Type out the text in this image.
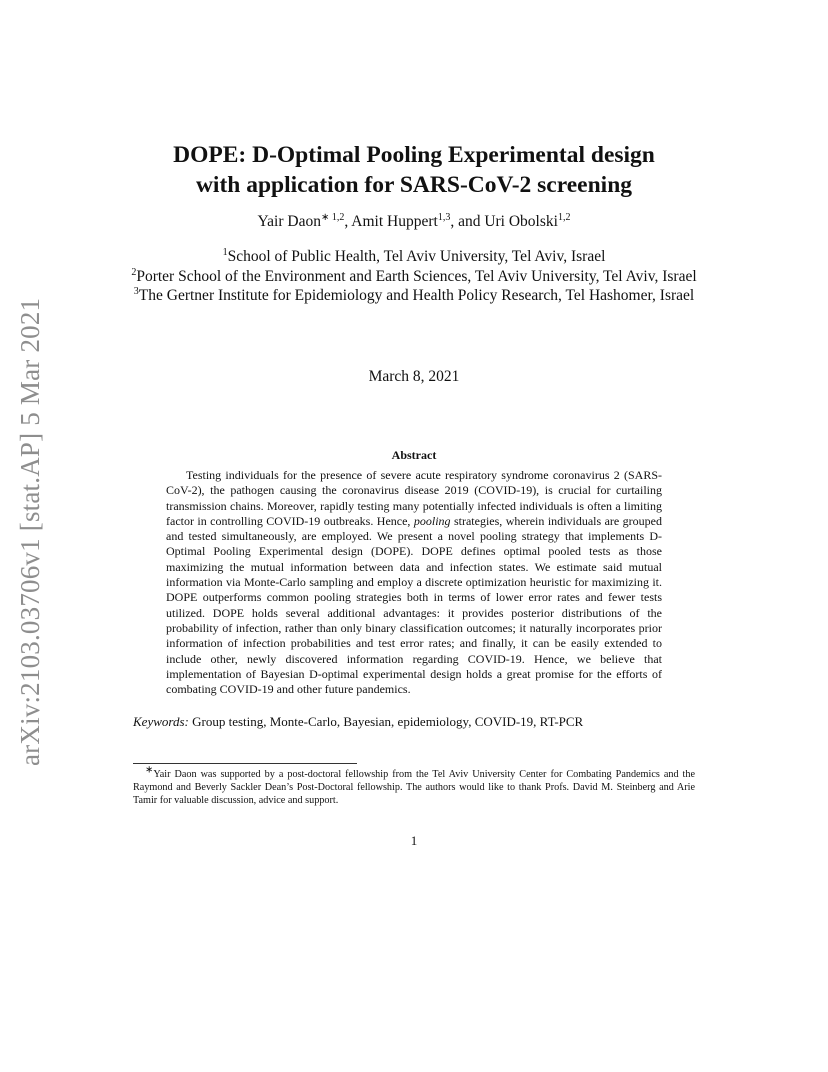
arXiv:2103.03706v1 [stat.AP] 5 Mar 2021
DOPE: D-Optimal Pooling Experimental design
with application for SARS-CoV-2 screening
Yair Daon$^{∗ 1,2}$, Amit Huppert$^{1,3}$, and Uri Obolski$^{1,2}$
$^1$School of Public Health, Tel Aviv University, Tel Aviv, Israel
$^2$Porter School of the Environment and Earth Sciences, Tel Aviv University, Tel Aviv, Israel
$^3$The Gertner Institute for Epidemiology and Health Policy Research, Tel Hashomer, Israel
March 8, 2021
Abstract
Testing individuals for the presence of severe acute respiratory syndrome coronavirus 2 (SARS-CoV-2), the pathogen causing the coronavirus disease 2019 (COVID-19), is crucial for curtailing transmission chains. Moreover, rapidly testing many potentially infected individuals is often a limiting factor in controlling COVID-19 outbreaks. Hence, pooling strategies, wherein individuals are grouped and tested simultaneously, are employed. We present a novel pooling strategy that implements D-Optimal Pooling Experimental design (DOPE). DOPE defines optimal pooled tests as those maximizing the mutual information between data and infection states. We estimate said mutual information via Monte-Carlo sampling and employ a discrete optimization heuristic for maximizing it. DOPE outperforms common pooling strategies both in terms of lower error rates and fewer tests utilized. DOPE holds several additional advantages: it provides posterior distributions of the probability of infection, rather than only binary classification outcomes; it naturally incorporates prior information of infection probabilities and test error rates; and finally, it can be easily extended to include other, newly discovered information regarding COVID-19. Hence, we believe that implementation of Bayesian D-optimal experimental design holds a great promise for the efforts of combating COVID-19 and other future pandemics.
Keywords: Group testing, Monte-Carlo, Bayesian, epidemiology, COVID-19, RT-PCR
∗Yair Daon was supported by a post-doctoral fellowship from the Tel Aviv University Center for Combating Pandemics and the Raymond and Beverly Sackler Dean’s Post-Doctoral fellowship. The authors would like to thank Profs. David M. Steinberg and Arie Tamir for valuable discussion, advice and support.
1
